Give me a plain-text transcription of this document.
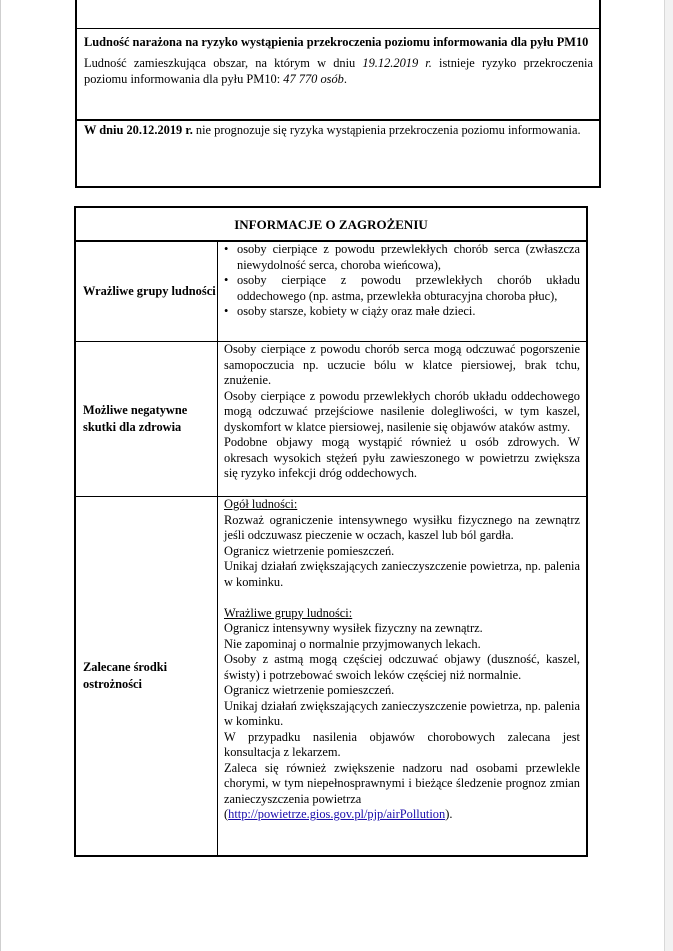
Ludność narażona na ryzyko wystąpienia przekroczenia poziomu informowania dla pyłu PM10
Ludność zamieszkująca obszar, na którym w dniu 19.12.2019 r. istnieje ryzyko przekroczenia poziomu informowania dla pyłu PM10: 47 770 osób.
W dniu 20.12.2019 r. nie prognozuje się ryzyka wystąpienia przekroczenia poziomu informowania.
INFORMACJE O ZAGROŻENIU
Wrażliwe grupy ludności
• osoby cierpiące z powodu przewlekłych chorób serca (zwłaszcza niewydolność serca, choroba wieńcowa),
• osoby cierpiące z powodu przewlekłych chorób układu oddechowego (np. astma, przewlekła obturacyjna choroba płuc),
• osoby starsze, kobiety w ciąży oraz małe dzieci.
Możliwe negatywne skutki dla zdrowia
Osoby cierpiące z powodu chorób serca mogą odczuwać pogorszenie samopoczucia np. uczucie bólu w klatce piersiowej, brak tchu, znużenie.
Osoby cierpiące z powodu przewlekłych chorób układu oddechowego mogą odczuwać przejściowe nasilenie dolegliwości, w tym kaszel, dyskomfort w klatce piersiowej, nasilenie się objawów ataków astmy.
Podobne objawy mogą wystąpić również u osób zdrowych. W okresach wysokich stężeń pyłu zawieszonego w powietrzu zwiększa się ryzyko infekcji dróg oddechowych.
Zalecane środki ostrożności
Ogół ludności:
Rozważ ograniczenie intensywnego wysiłku fizycznego na zewnątrz jeśli odczuwasz pieczenie w oczach, kaszel lub ból gardła.
Ogranicz wietrzenie pomieszczeń.
Unikaj działań zwiększających zanieczyszczenie powietrza, np. palenia w kominku.
Wrażliwe grupy ludności:
Ogranicz intensywny wysiłek fizyczny na zewnątrz.
Nie zapominaj o normalnie przyjmowanych lekach.
Osoby z astmą mogą częściej odczuwać objawy (duszność, kaszel, świsty) i potrzebować swoich leków częściej niż normalnie.
Ogranicz wietrzenie pomieszczeń.
Unikaj działań zwiększających zanieczyszczenie powietrza, np. palenia w kominku.
W przypadku nasilenia objawów chorobowych zalecana jest konsultacja z lekarzem.
Zaleca się również zwiększenie nadzoru nad osobami przewlekle chorymi, w tym niepełnosprawnymi i bieżące śledzenie prognoz zmian zanieczyszczenia powietrza
(http://powietrze.gios.gov.pl/pjp/airPollution).
